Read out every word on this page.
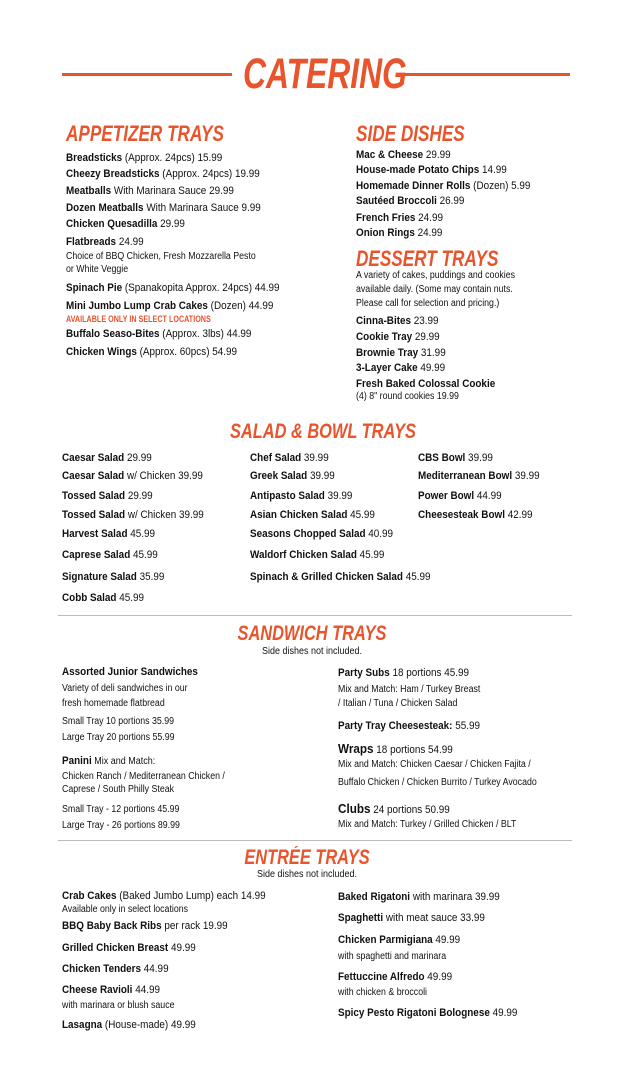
CATERING
APPETIZER TRAYS
Breadsticks (Approx. 24pcs) 15.99
Cheezy Breadsticks (Approx. 24pcs) 19.99
Meatballs With Marinara Sauce 29.99
Dozen Meatballs With Marinara Sauce 9.99
Chicken Quesadilla 29.99
Flatbreads 24.99
Choice of BBQ Chicken, Fresh Mozzarella Pesto
or White Veggie
Spinach Pie (Spanakopita Approx. 24pcs) 44.99
Mini Jumbo Lump Crab Cakes (Dozen) 44.99
AVAILABLE ONLY IN SELECT LOCATIONS
Buffalo Seaso-Bites (Approx. 3lbs) 44.99
Chicken Wings (Approx. 60pcs) 54.99
SIDE DISHES
Mac & Cheese 29.99
House-made Potato Chips 14.99
Homemade Dinner Rolls (Dozen) 5.99
Sautéed Broccoli 26.99
French Fries 24.99
Onion Rings 24.99
DESSERT TRAYS
A variety of cakes, puddings and cookies
available daily. (Some may contain nuts.
Please call for selection and pricing.)
Cinna-Bites 23.99
Cookie Tray 29.99
Brownie Tray 31.99
3-Layer Cake 49.99
Fresh Baked Colossal Cookie
(4) 8" round cookies 19.99
SALAD & BOWL TRAYS
Caesar Salad 29.99
Caesar Salad w/ Chicken 39.99
Tossed Salad 29.99
Tossed Salad w/ Chicken 39.99
Harvest Salad 45.99
Caprese Salad 45.99
Signature Salad 35.99
Cobb Salad 45.99
Chef Salad 39.99
Greek Salad 39.99
Antipasto Salad 39.99
Asian Chicken Salad 45.99
Seasons Chopped Salad 40.99
Waldorf Chicken Salad 45.99
Spinach & Grilled Chicken Salad 45.99
CBS Bowl 39.99
Mediterranean Bowl 39.99
Power Bowl 44.99
Cheesesteak Bowl 42.99
SANDWICH TRAYS
Side dishes not included.
Assorted Junior Sandwiches
Variety of deli sandwiches in our
fresh homemade flatbread
Small Tray 10 portions 35.99
Large Tray 20 portions 55.99
Panini Mix and Match:
Chicken Ranch / Mediterranean Chicken /
Caprese / South Philly Steak
Small Tray - 12 portions 45.99
Large Tray - 26 portions 89.99
Party Subs 18 portions 45.99
Mix and Match: Ham / Turkey Breast
/ Italian / Tuna / Chicken Salad
Party Tray Cheesesteak: 55.99
Wraps 18 portions 54.99
Mix and Match: Chicken Caesar / Chicken Fajita /
Buffalo Chicken / Chicken Burrito / Turkey Avocado
Clubs 24 portions 50.99
Mix and Match: Turkey / Grilled Chicken / BLT
ENTRÉE TRAYS
Side dishes not included.
Crab Cakes (Baked Jumbo Lump) each 14.99
Available only in select locations
BBQ Baby Back Ribs per rack 19.99
Grilled Chicken Breast 49.99
Chicken Tenders 44.99
Cheese Ravioli 44.99
with marinara or blush sauce
Lasagna (House-made) 49.99
Baked Rigatoni with marinara 39.99
Spaghetti with meat sauce 33.99
Chicken Parmigiana 49.99
with spaghetti and marinara
Fettuccine Alfredo 49.99
with chicken & broccoli
Spicy Pesto Rigatoni Bolognese 49.99
